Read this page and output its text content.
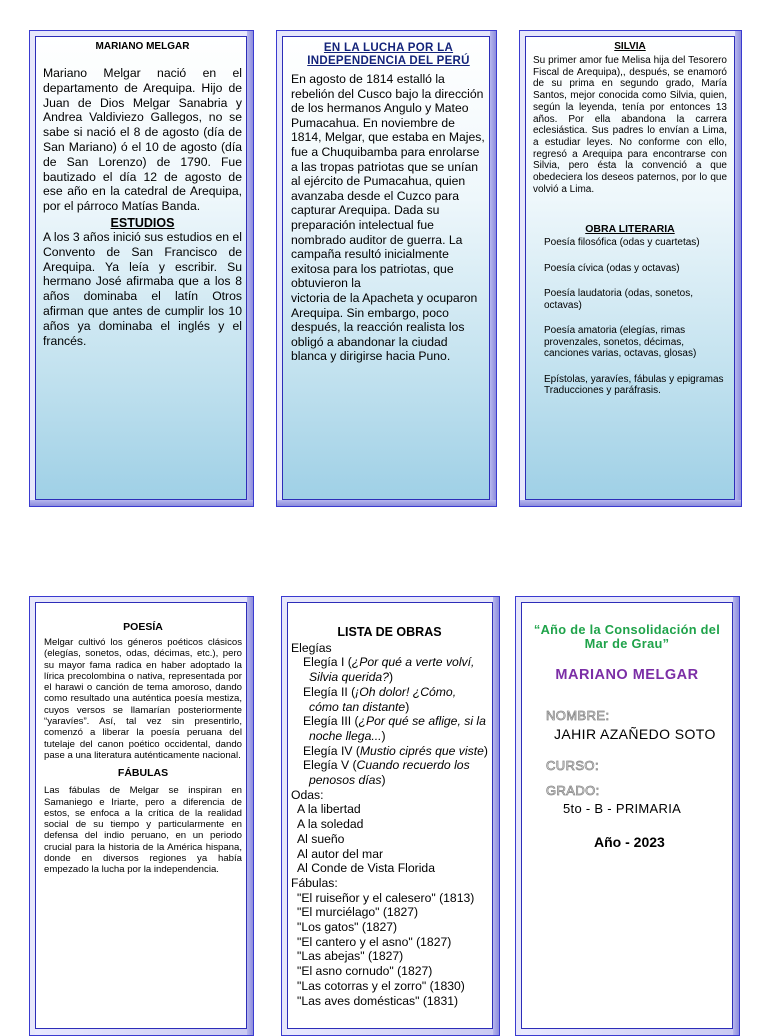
MARIANO MELGAR

Mariano Melgar nació en el departamento de Arequipa. Hijo de Juan de Dios Melgar Sanabria y Andrea Valdiviezo Gallegos, no se sabe si nació el 8 de agosto (día de San Mariano) ó el 10 de agosto (día de San Lorenzo) de 1790. Fue bautizado el día 12 de agosto de ese año en la catedral de Arequipa, por el párroco Matías Banda.

ESTUDIOS

A los 3 años inició sus estudios en el Convento de San Francisco de Arequipa. Ya leía y escribir. Su hermano José afirmaba que a los 8 años dominaba el latín Otros afirman que antes de cumplir los 10 años ya dominaba el inglés y el francés.

EN LA LUCHA POR LA
INDEPENDENCIA DEL PERÚ

En agosto de 1814 estalló la rebelión del Cusco bajo la dirección de los hermanos Angulo y Mateo Pumacahua. En noviembre de 1814, Melgar, que estaba en Majes, fue a Chuquibamba para enrolarse a las tropas patriotas que se unían al ejército de Pumacahua, quien avanzaba desde el Cuzco para capturar Arequipa. Dada su preparación intelectual fue nombrado auditor de guerra. La campaña resultó inicialmente exitosa para los patriotas, que obtuvieron la

victoria de la Apacheta y ocuparon Arequipa. Sin embargo, poco después, la reacción realista los obligó a abandonar la ciudad blanca y dirigirse hacia Puno.

SILVIA

Su primer amor fue Melisa hija del Tesorero Fiscal de Arequipa),, después, se enamoró de su prima en segundo grado, María Santos, mejor conocida como Silvia, quien, según la leyenda, tenía por entonces 13 años. Por ella abandona la carrera eclesiástica. Sus padres lo envían a Lima, a estudiar leyes. No conforme con ello, regresó a Arequipa para encontrarse con Silvia, pero ésta la convenció a que obedeciera los deseos paternos, por lo que volvió a Lima.

OBRA LITERARIA

Poesía filosófica (odas y cuartetas)

Poesía cívica (odas y octavas)

Poesía laudatoria (odas, sonetos, octavas)

Poesía amatoria (elegías, rimas provenzales, sonetos, décimas, canciones varias, octavas, glosas)

Epístolas, yaravíes, fábulas y epigramas

Traducciones y paráfrasis.

POESÍA

Melgar cultivó los géneros poéticos clásicos (elegías, sonetos, odas, décimas, etc.), pero su mayor fama radica en haber adoptado la lírica precolombina o nativa, representada por el harawi o canción de tema amoroso, dando como resultado una auténtica poesía mestiza, cuyos versos se llamarían posteriormente “yaravíes”. Así, tal vez sin presentirlo, comenzó a liberar la poesía peruana del tutelaje del canon poético occidental, dando pase a una literatura auténticamente nacional.

FÁBULAS

Las fábulas de Melgar se inspiran en Samaniego e Iriarte, pero a diferencia de estos, se enfoca a la crítica de la realidad social de su tiempo y particularmente en defensa del indio peruano, en un periodo crucial para la historia de la América hispana, donde en diversos regiones ya había empezado la lucha por la independencia.

LISTA DE OBRAS
Elegías
Elegía I (¿Por qué a verte volví, Silvia querida?)
Elegía II (¡Oh dolor! ¿Cómo, cómo tan distante)
Elegía III (¿Por qué se aflige, si la noche llega...)
Elegía IV (Mustio ciprés que viste)
Elegía V (Cuando recuerdo los penosos días)
Odas:
A la libertad
A la soledad
Al sueño
Al autor del mar
Al Conde de Vista Florida
Fábulas:
"El ruiseñor y el calesero" (1813)
"El murciélago" (1827)
"Los gatos" (1827)
"El cantero y el asno" (1827)
"Las abejas" (1827)
"El asno cornudo" (1827)
"Las cotorras y el zorro" (1830)
"Las aves domésticas" (1831)
“Año de la Consolidación del Mar de Grau”
MARIANO MELGAR
NOMBRE:
JAHIR AZAÑEDO SOTO
CURSO:
GRADO:
5to - B - PRIMARIA
Año - 2023
